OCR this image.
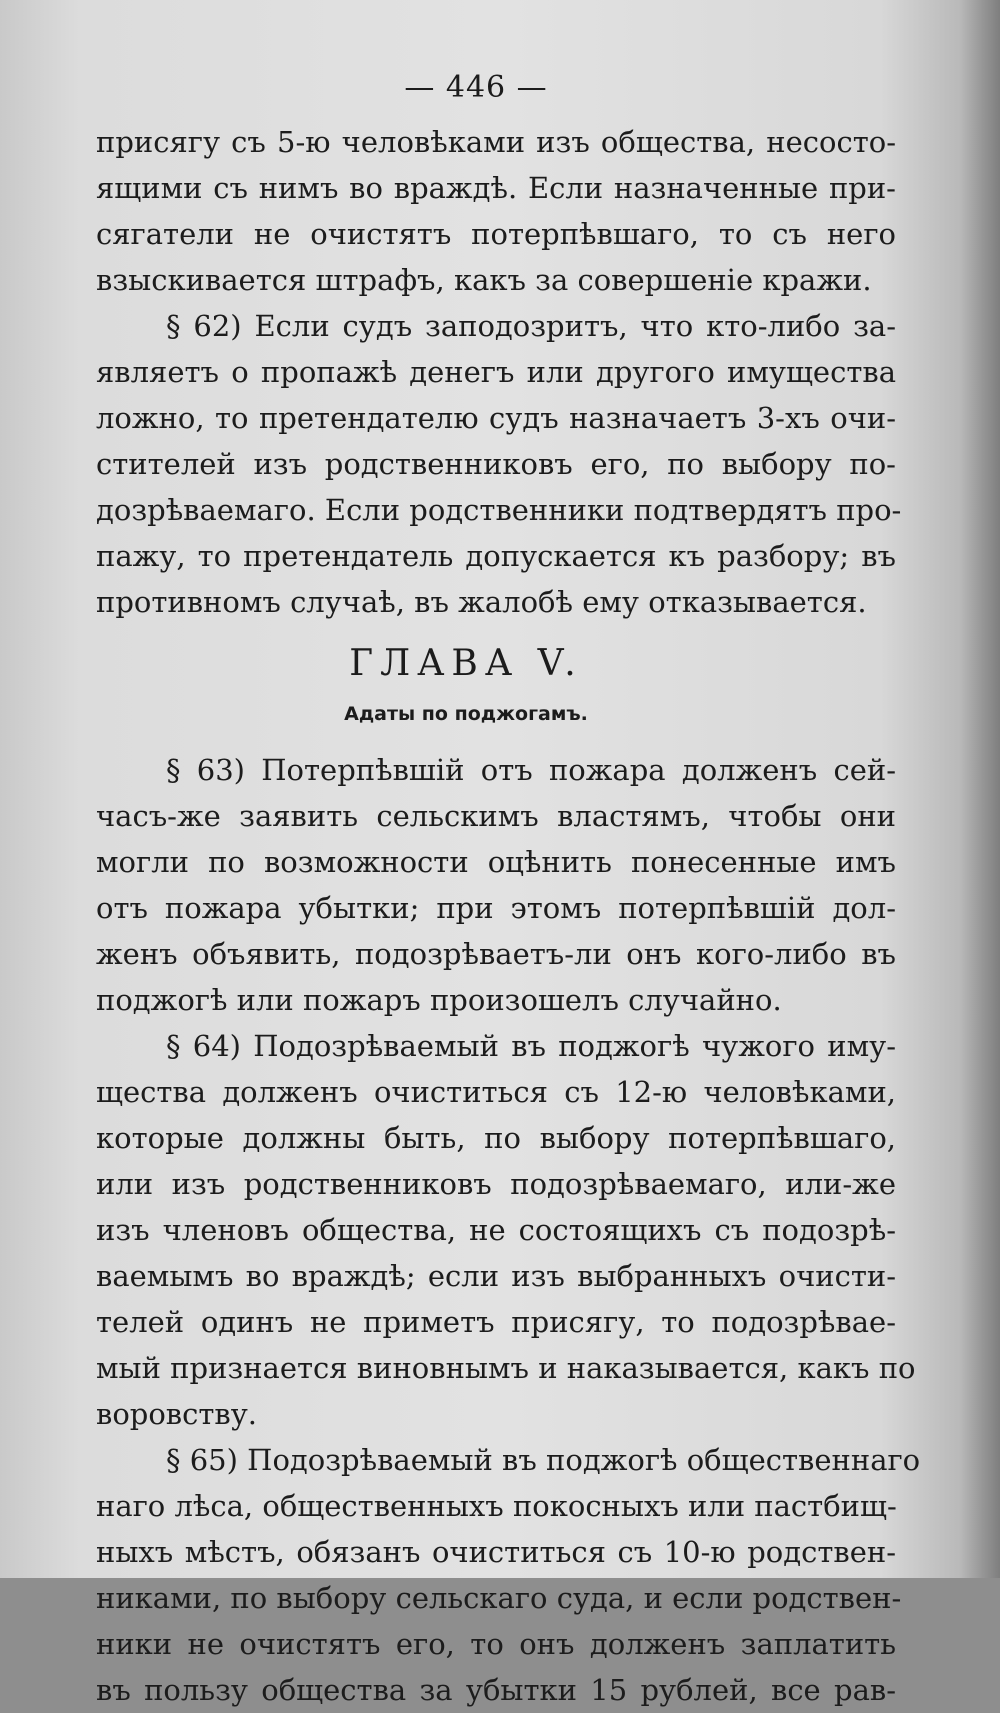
— 446 —
присягу съ 5-ю человѣками изъ общества, несосто-
ящими съ нимъ во враждѣ. Если назначенные при-
сягатели не очистятъ потерпѣвшаго, то съ него
взыскивается штрафъ, какъ за совершеніе кражи.
§ 62) Если судъ заподозритъ, что кто-либо за-
являетъ о пропажѣ денегъ или другого имущества
ложно, то претендателю судъ назначаетъ 3-хъ очи-
стителей изъ родственниковъ его, по выбору по-
дозрѣваемаго. Если родственники подтвердятъ про-
пажу, то претендатель допускается къ разбору; въ
противномъ случаѣ, въ жалобѣ ему отказывается.
ГЛАВА V.
Адаты по поджогамъ.
§ 63) Потерпѣвшій отъ пожара долженъ сей-
часъ-же заявить сельскимъ властямъ, чтобы они
могли по возможности оцѣнить понесенные имъ
отъ пожара убытки; при этомъ потерпѣвшій дол-
женъ объявить, подозрѣваетъ-ли онъ кого-либо въ
поджогѣ или пожаръ произошелъ случайно.
§ 64) Подозрѣваемый въ поджогѣ чужого иму-
щества долженъ очиститься съ 12-ю человѣками,
которые должны быть, по выбору потерпѣвшаго,
или изъ родственниковъ подозрѣваемаго, или-же
изъ членовъ общества, не состоящихъ съ подозрѣ-
ваемымъ во враждѣ; если изъ выбранныхъ очисти-
телей одинъ не приметъ присягу, то подозрѣвае-
мый признается виновнымъ и наказывается, какъ по
воровству.
§ 65) Подозрѣваемый въ поджогѣ общественнаго
наго лѣса, общественныхъ покосныхъ или пастбищ-
ныхъ мѣстъ, обязанъ очиститься съ 10-ю родствен-
никами, по выбору сельскаго суда, и если родствен-
ники не очистятъ его, то онъ долженъ заплатить
въ пользу общества за убытки 15 рублей, все рав-
